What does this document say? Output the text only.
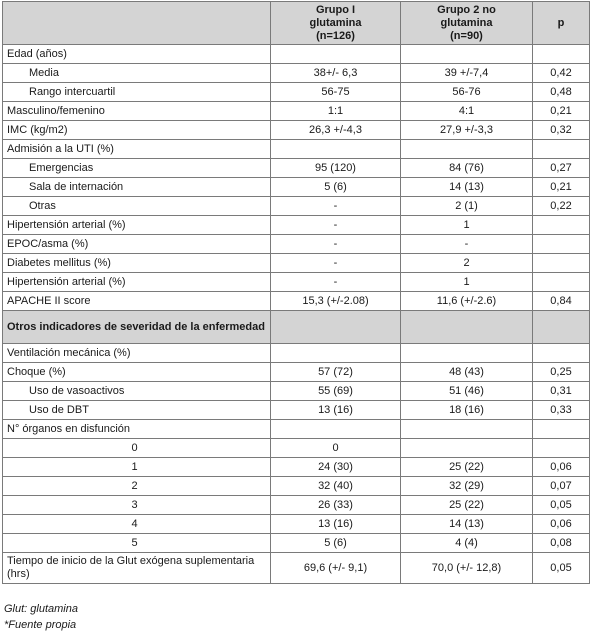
	Grupo I
glutamina
(n=126)	Grupo 2 no
glutamina
(n=90)	p
Edad (años)			
Media	38+/- 6,3	39 +/-7,4	0,42
Rango intercuartil	56-75	56-76	0,48
Masculino/femenino	1:1	4:1	0,21
IMC (kg/m2)	26,3 +/-4,3	27,9 +/-3,3	0,32
Admisión a la UTI (%)			
Emergencias	95 (120)	84 (76)	0,27
Sala de internación	5 (6)	14 (13)	0,21
Otras	-	2 (1)	0,22
Hipertensión arterial (%)	-	1	
EPOC/asma (%)	-	-	
Diabetes mellitus (%)	-	2	
Hipertensión arterial (%)	-	1	
APACHE II score	15,3 (+/-2.08)	11,6 (+/-2.6)	0,84
Otros indicadores de severidad de la enfermedad			
Ventilación mecánica (%)			
Choque (%)	57 (72)	48 (43)	0,25
Uso de vasoactivos	55 (69)	51 (46)	0,31
Uso de DBT	13 (16)	18 (16)	0,33
N° órganos en disfunción			
0	0		
1	24 (30)	25 (22)	0,06
2	32 (40)	32 (29)	0,07
3	26 (33)	25 (22)	0,05
4	13 (16)	14 (13)	0,06
5	5 (6)	4 (4)	0,08
Tiempo de inicio de la Glut exógena suplementaria (hrs)	69,6 (+/- 9,1)	70,0 (+/- 12,8)	0,05
Glut: glutamina
*Fuente propia
